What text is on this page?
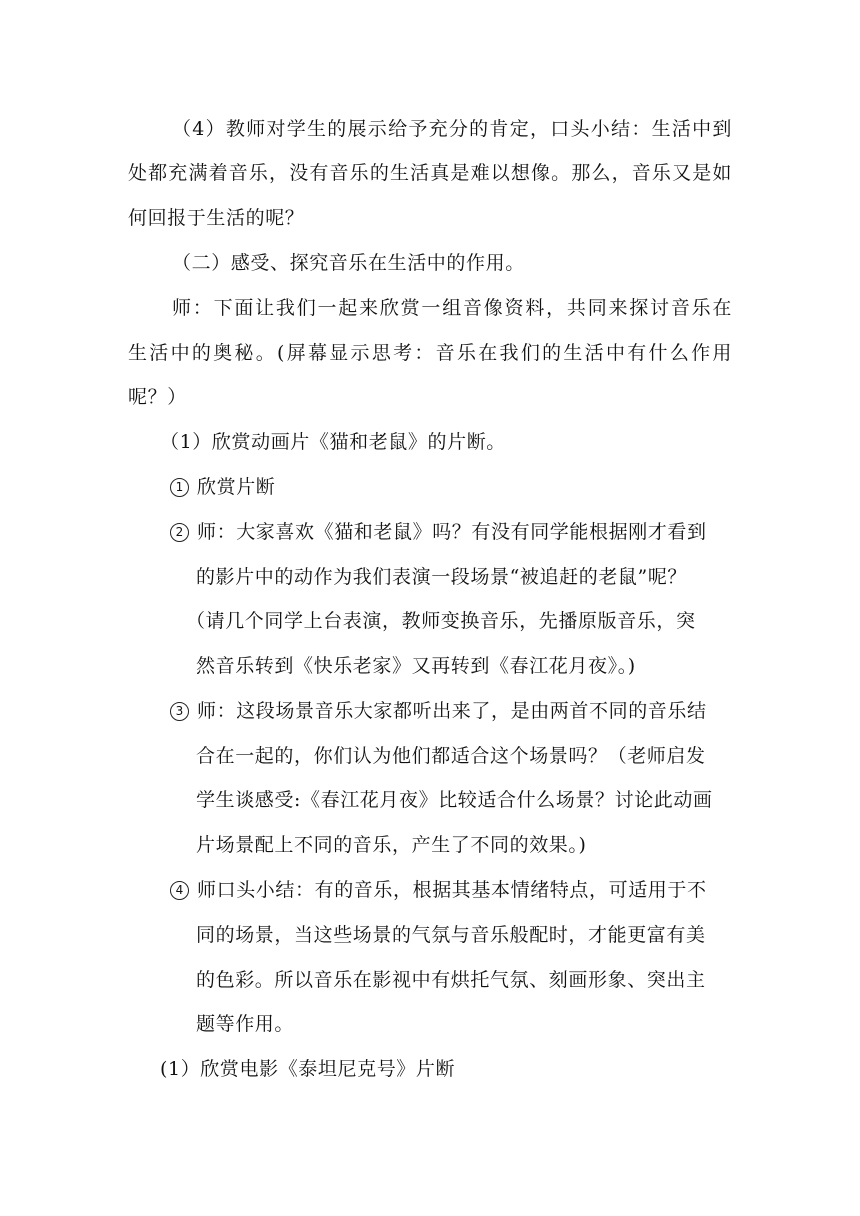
（4）教师对学生的展示给予充分的肯定，口头小结：生活中到
处都充满着音乐，没有音乐的生活真是难以想像。那么，音乐又是如
何回报于生活的呢？
（二）感受、探究音乐在生活中的作用。
师：下面让我们一起来欣赏一组音像资料，共同来探讨音乐在
生活中的奥秘。(屏幕显示思考：音乐在我们的生活中有什么作用
呢？）
（1）欣赏动画片《猫和老鼠》的片断。
1 欣赏片断
2 师：大家喜欢《猫和老鼠》吗？有没有同学能根据刚才看到
的影片中的动作为我们表演一段场景“被追赶的老鼠”呢？
（请几个同学上台表演，教师变换音乐，先播原版音乐，突
然音乐转到《快乐老家》又再转到《春江花月夜》。)
3 师：这段场景音乐大家都听出来了，是由两首不同的音乐结
合在一起的，你们认为他们都适合这个场景吗？（老师启发
学生谈感受:《春江花月夜》比较适合什么场景？讨论此动画
片场景配上不同的音乐，产生了不同的效果。)
4 师口头小结：有的音乐，根据其基本情绪特点，可适用于不
同的场景，当这些场景的气氛与音乐般配时，才能更富有美
的色彩。所以音乐在影视中有烘托气氛、刻画形象、突出主
题等作用。
(1）欣赏电影《泰坦尼克号》片断
